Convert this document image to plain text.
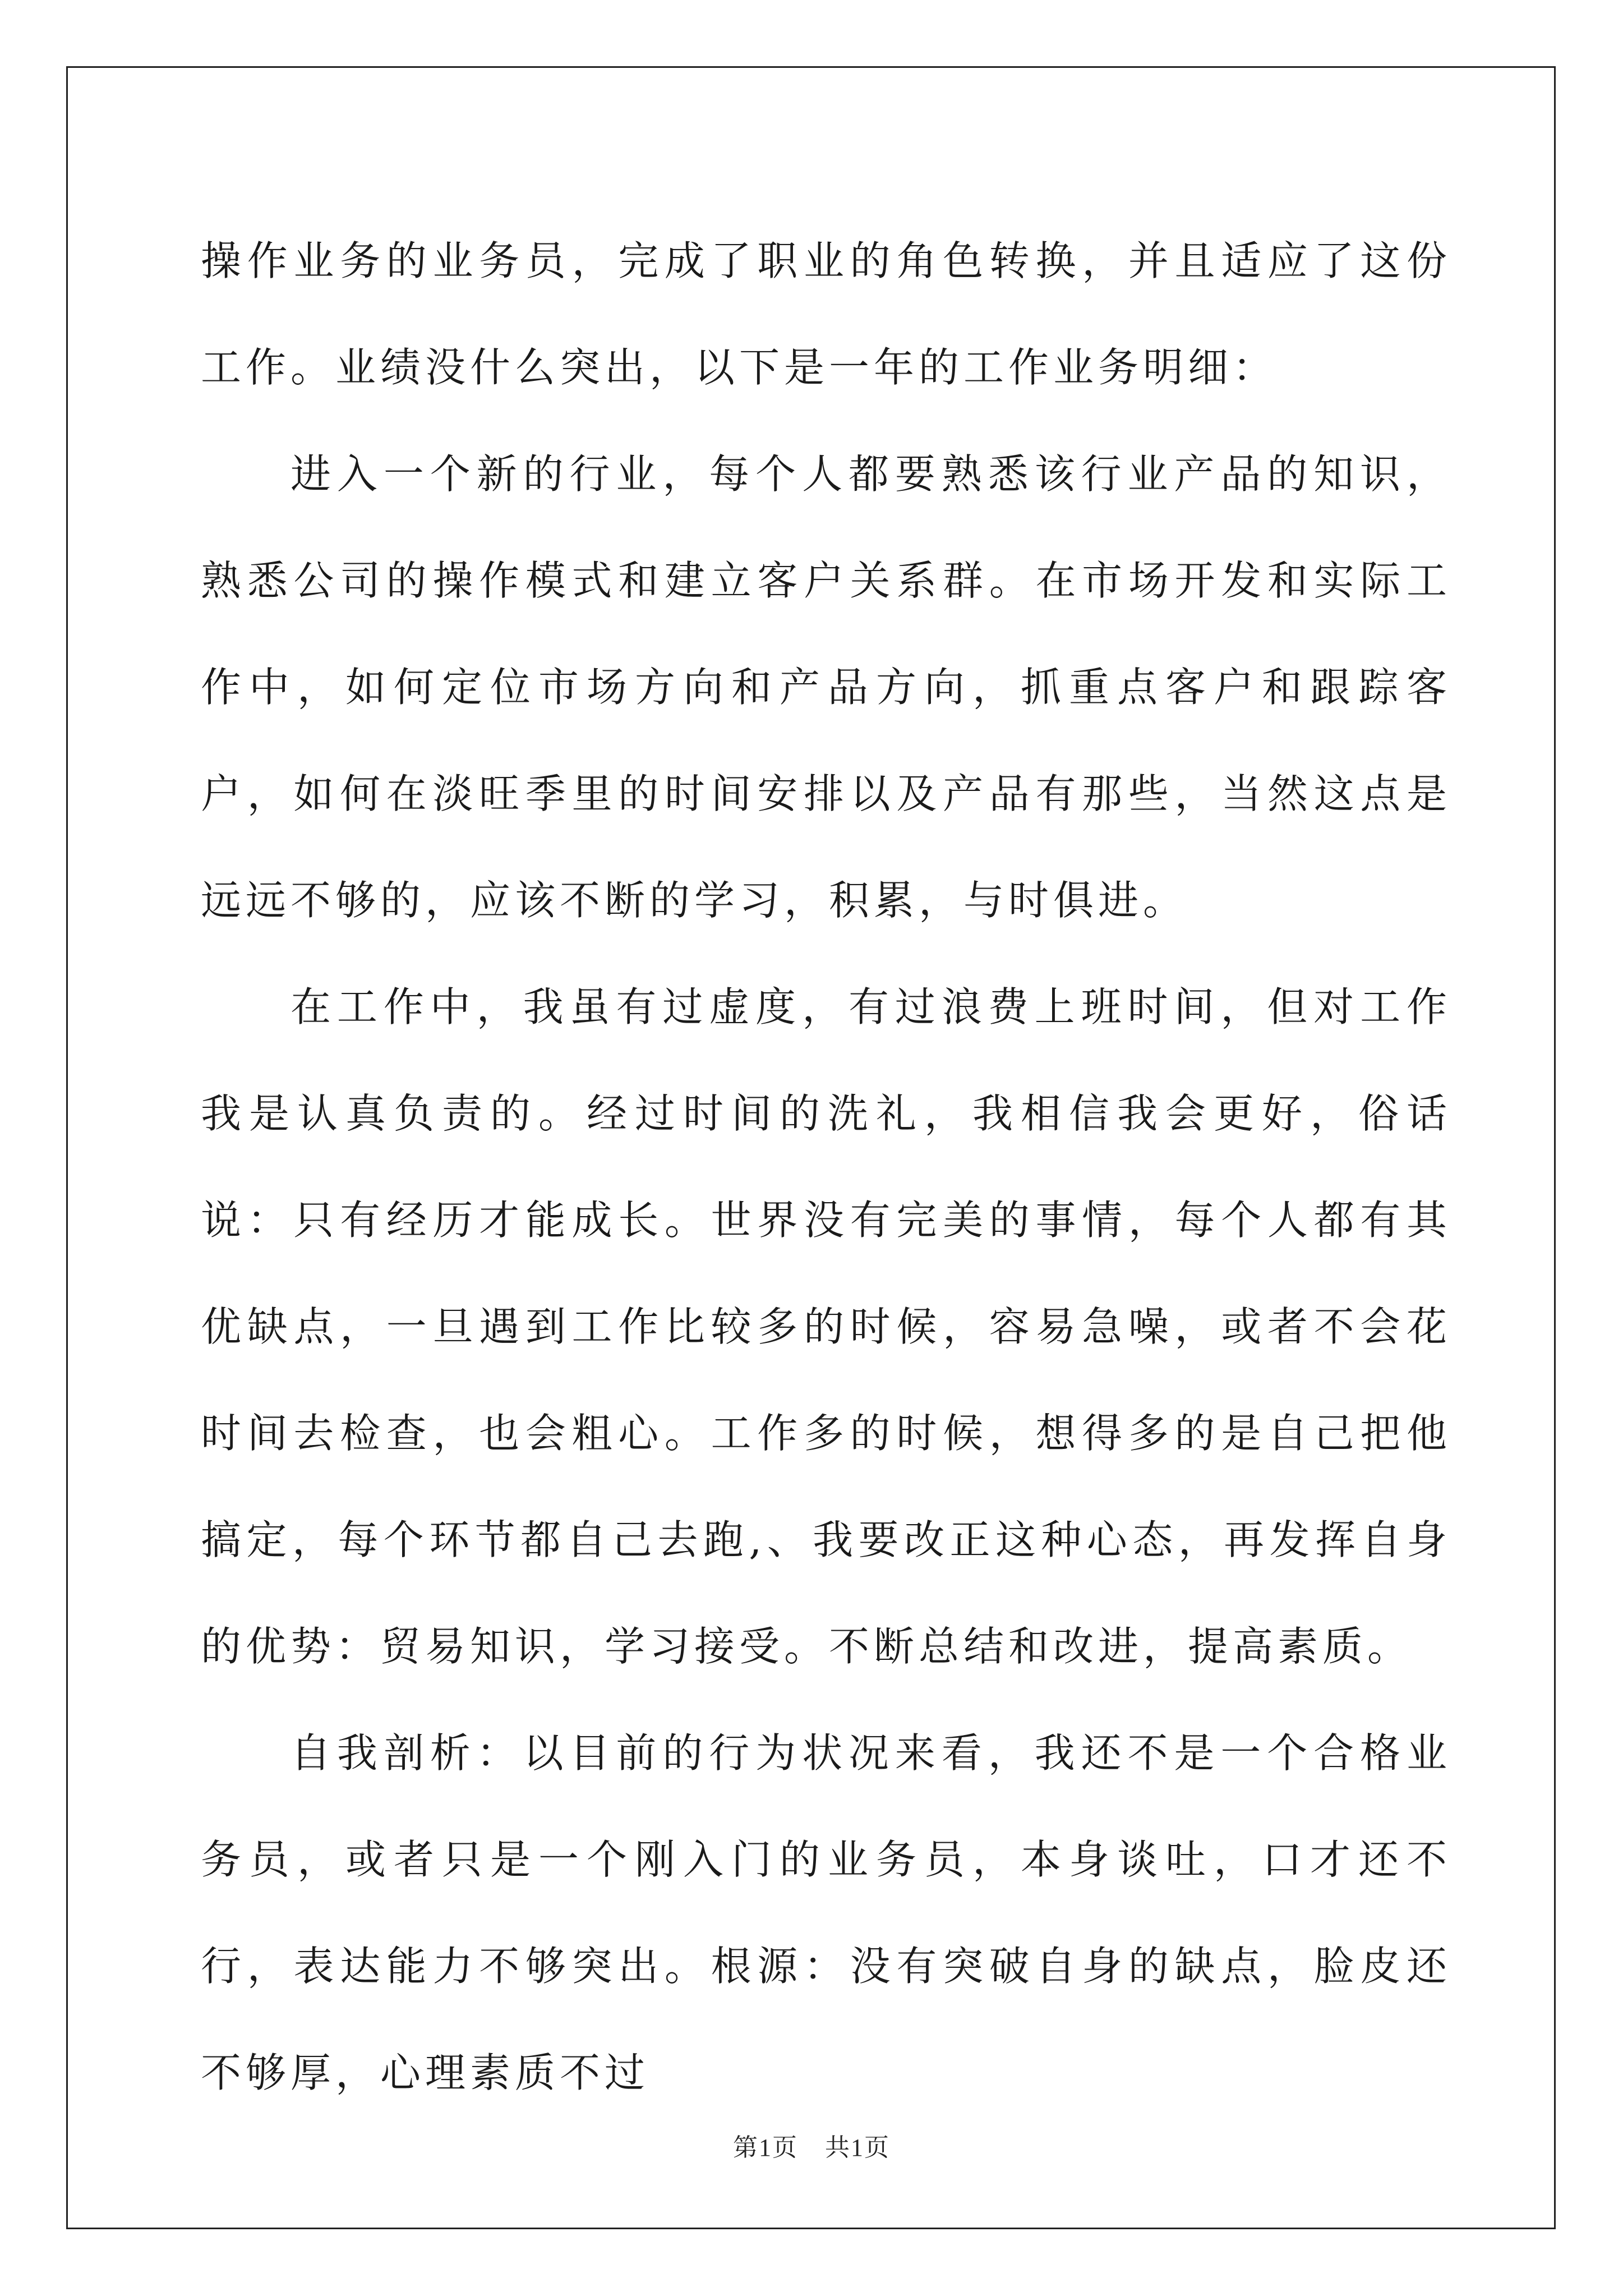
操作业务的业务员，完成了职业的角色转换，并且适应了这份工作。业绩没什么突出，以下是一年的工作业务明细：

进入一个新的行业，每个人都要熟悉该行业产品的知识，熟悉公司的操作模式和建立客户关系群。在市场开发和实际工作中，如何定位市场方向和产品方向，抓重点客户和跟踪客户，如何在淡旺季里的时间安排以及产品有那些，当然这点是远远不够的，应该不断的学习，积累，与时俱进。

在工作中，我虽有过虚度，有过浪费上班时间，但对工作我是认真负责的。经过时间的洗礼，我相信我会更好，俗话说：只有经历才能成长。世界没有完美的事情，每个人都有其优缺点，一旦遇到工作比较多的时候，容易急噪，或者不会花时间去检查，也会粗心。工作多的时候，想得多的是自己把他搞定，每个环节都自己去跑,、我要改正这种心态，再发挥自身的优势：贸易知识，学习接受。不断总结和改进，提高素质。

自我剖析：以目前的行为状况来看，我还不是一个合格业务员，或者只是一个刚入门的业务员，本身谈吐，口才还不行，表达能力不够突出。根源：没有突破自身的缺点，脸皮还不够厚，心理素质不过

第1页 共1页
